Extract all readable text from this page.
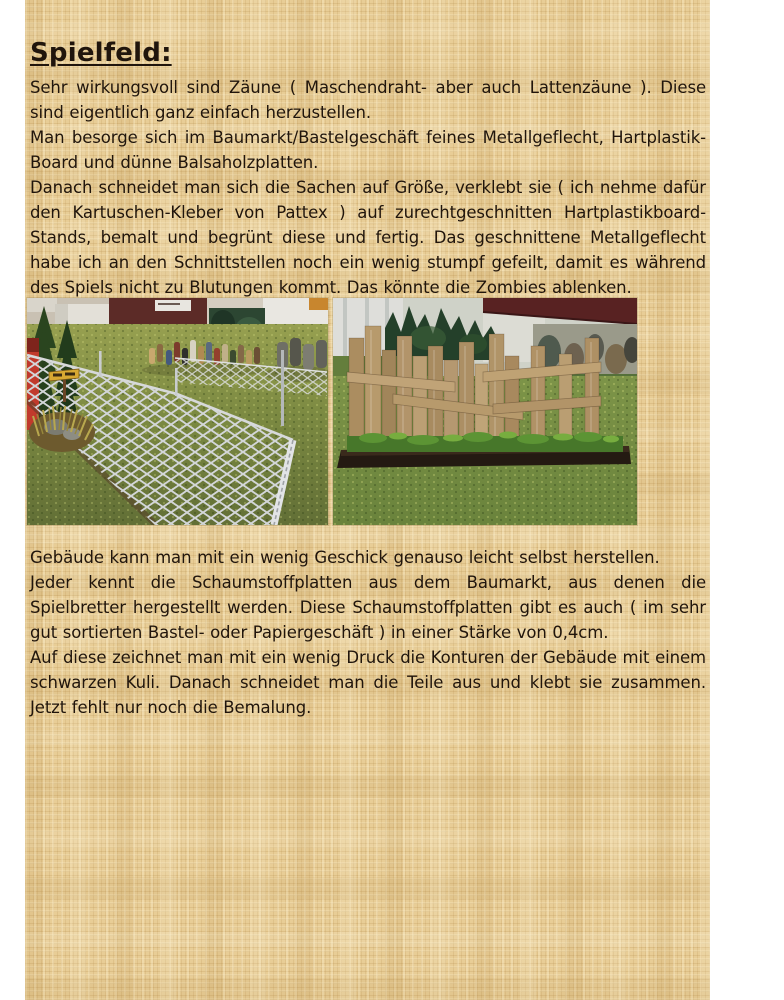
Spielfeld:

Sehr wirkungsvoll sind Zäune ( Maschendraht- aber auch Lattenzäune ). Diese sind eigentlich ganz einfach herzustellen.

Man besorge sich im Baumarkt/Bastelgeschäft feines Metallgeflecht, Hartplastik-Board und dünne Balsaholzplatten.

Danach schneidet man sich die Sachen auf Größe, verklebt sie ( ich nehme dafür den Kartuschen-Kleber von Pattex ) auf zurechtgeschnitten Hartplastikboard-Stands, bemalt und begrünt diese und fertig. Das geschnittene Metallgeflecht habe ich an den Schnittstellen noch ein wenig stumpf gefeilt, damit es während des Spiels nicht zu Blutungen kommt. Das könnte die Zombies ablenken.

Gebäude kann man mit ein wenig Geschick genauso leicht selbst herstellen.

Jeder kennt die Schaumstoffplatten aus dem Baumarkt, aus denen die Spielbretter hergestellt werden. Diese Schaumstoffplatten gibt es auch ( im sehr gut sortierten Bastel- oder Papiergeschäft ) in einer Stärke von 0,4cm.

Auf diese zeichnet man mit ein wenig Druck die Konturen der Gebäude mit einem schwarzen Kuli. Danach schneidet man die Teile aus und klebt sie zusammen. Jetzt fehlt nur noch die Bemalung.
